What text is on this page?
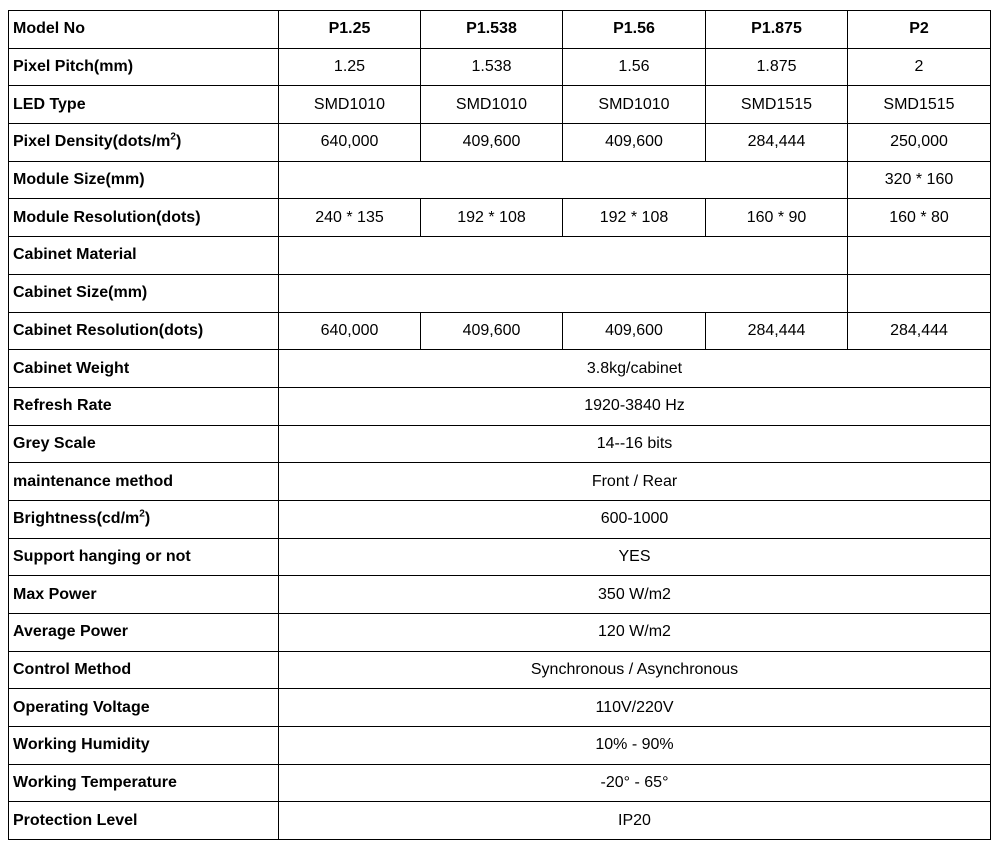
Model No	P1.25	P1.538	P1.56	P1.875	P2
Pixel Pitch(mm)	1.25	1.538	1.56	1.875	2
LED Type	SMD1010	SMD1010	SMD1010	SMD1515	SMD1515
Pixel $Density(dots/m^2)$	640,000	409,600	409,600	284,444	250,000
Module Size(mm)					320 * 160
Module Resolution(dots)	240 * 135	192 * 108	192 * 108	160 * 90	160 * 80
Cabinet Material					
Cabinet Size(mm)					
Cabinet Resolution(dots)	640,000	409,600	409,600	284,444	284,444
Cabinet Weight	3.8kg/cabinet				
Refresh Rate	1920-3840 Hz				
Grey Scale	14--16 bits				
maintenance method	Front / Rear				
$Brightness(cd/m^2)$	600-1000				
Support hanging or not	YES				
Max Power	350 W/m2				
Average Power	120 W/m2				
Control Method	Synchronous / Asynchronous				
Operating Voltage	110V/220V				
Working Humidity	10% - 90%				
Working Temperature	-20° - 65°				
Protection Level	IP20				
